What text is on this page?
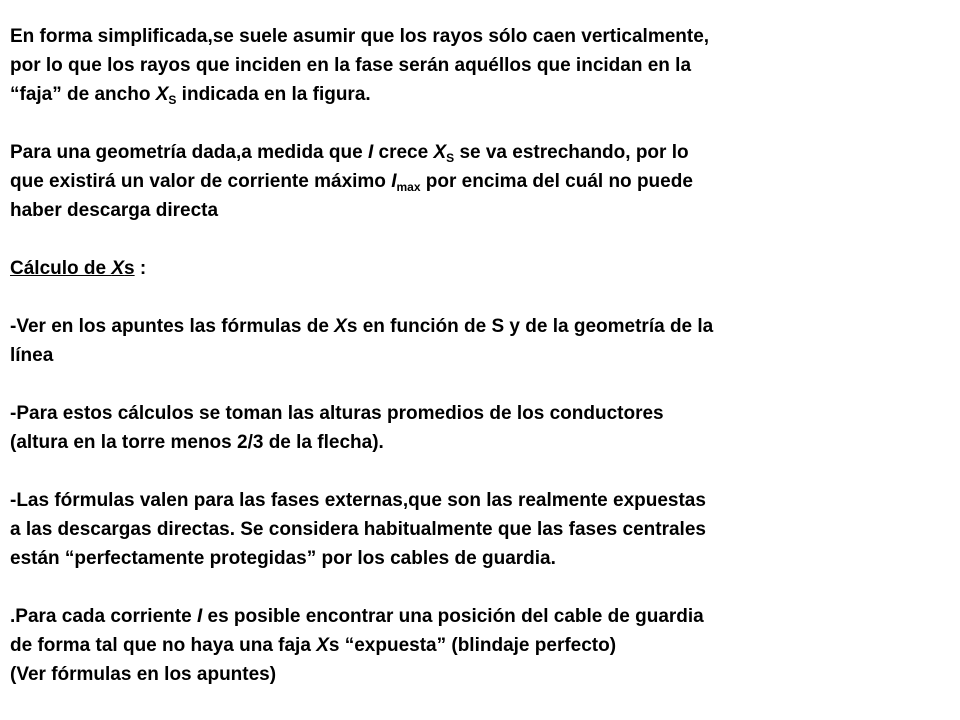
En forma simplificada,se suele asumir que los rayos sólo caen verticalmente,
por lo que los rayos que inciden en la fase serán aquéllos que incidan en la
“faja” de ancho $X_S$ indicada en la figura.
Para una geometría dada,a medida que I crece $X_S$ se va estrechando, por lo
que existirá un valor de corriente máximo $I_{max}$ por encima del cuál no puede
haber descarga directa
Cálculo de Xs :
-Ver en los apuntes las fórmulas de Xs en función de S y de la geometría de la
línea
-Para estos cálculos se toman las alturas promedios de los conductores
(altura en la torre menos 2/3 de la flecha).
-Las fórmulas valen para las fases externas,que son las realmente expuestas
a las descargas directas. Se considera habitualmente que las fases centrales
están “perfectamente protegidas” por los cables de guardia.
.Para cada corriente I es posible encontrar una posición del cable de guardia
de forma tal que no haya una faja Xs “expuesta” (blindaje perfecto)
(Ver fórmulas en los apuntes)
